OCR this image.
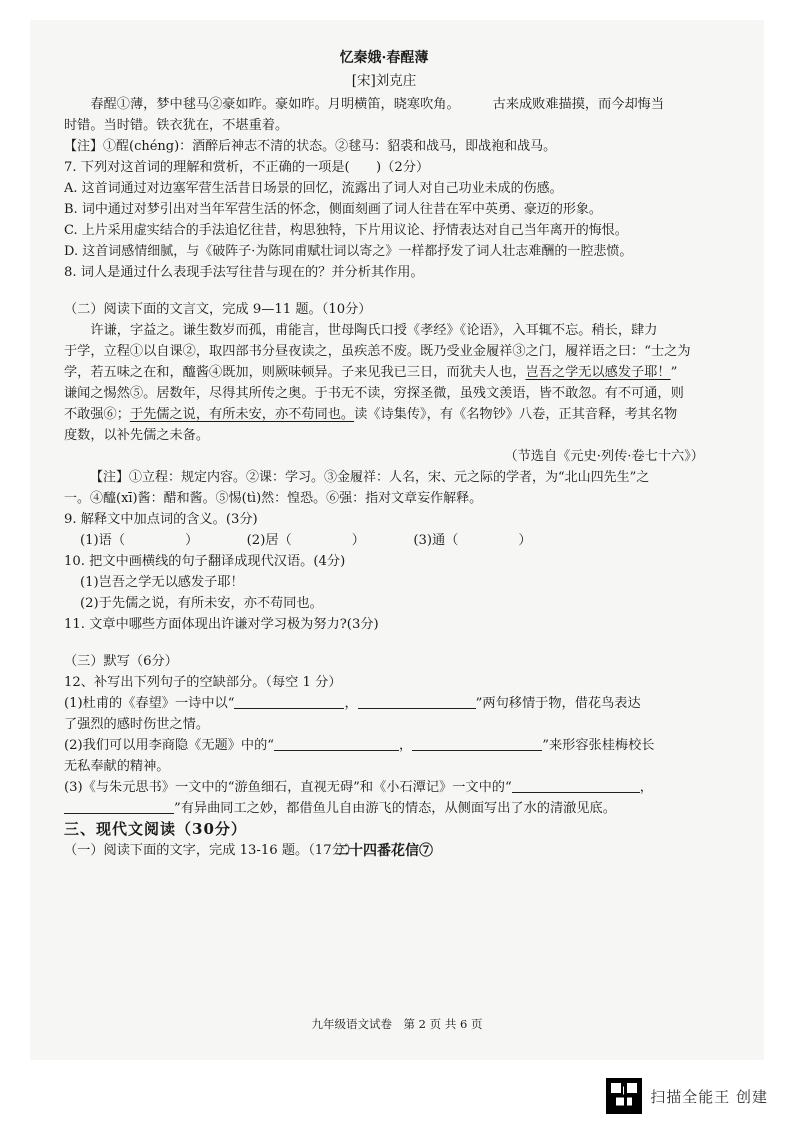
忆秦娥·春酲薄

[宋]刘克庄

春酲①薄，梦中毬马②豪如昨。豪如昨。月明横笛，晓寒吹角。　　　古来成败难描摸，而今却悔当

时错。当时错。铁衣犹在，不堪重着。

【注】①酲(chéng)：酒醉后神志不清的状态。②毬马：貂裘和战马，即战袍和战马。

7. 下列对这首词的理解和赏析，不正确的一项是(　　)（2分）

A. 这首词通过对边塞军营生活昔日场景的回忆，流露出了词人对自己功业未成的伤感。

B. 词中通过对梦引出对当年军营生活的怀念，侧面刻画了词人往昔在军中英勇、豪迈的形象。

C. 上片采用虚实结合的手法追忆往昔，构思独特，下片用议论、抒情表达对自己当年离开的悔恨。

D. 这首词感情细腻，与《破阵子·为陈同甫赋壮词以寄之》一样都抒发了词人壮志难酬的一腔悲愤。

8. 词人是通过什么表现手法写往昔与现在的？并分析其作用。

（二）阅读下面的文言文，完成 9—11 题。（10分）

许谦，字益之。谦生数岁而孤，甫能言，世母陶氏口授《孝经》《论语》，入耳辄不忘。稍长，肆力

于学，立程①以自课②，取四部书分昼夜读之，虽疾恙不废。既乃受业金履祥③之门，履祥语之曰：“士之为

学，若五味之在和，醯酱④既加，则厥味顿异。子来见我已三日，而犹夫人也，岂吾之学无以感发子耶！”

谦闻之惕然⑤。居数年，尽得其所传之奥。于书无不读，穷探圣微，虽残文羡语，皆不敢忽。有不可通，则

不敢强⑥；于先儒之说，有所未安，亦不苟同也。读《诗集传》，有《名物钞》八卷，正其音释，考其名物

度数，以补先儒之未备。

（节选自《元史·列传·卷七十六》）

【注】①立程：规定内容。②课：学习。③金履祥：人名，宋、元之际的学者，为“北山四先生”之

一。④醯(xī)酱：醋和酱。⑤惕(tì)然：惶恐。⑥强：指对文章妄作解释。

9. 解释文中加点词的含义。(3分)

(1)语（	）	(2)居（	）	(3)通（	）

10. 把文中画横线的句子翻译成现代汉语。(4分)

(1)岂吾之学无以感发子耶！

(2)于先儒之说，有所未安，亦不苟同也。

11. 文章中哪些方面体现出许谦对学习极为努力?(3分)

（三）默写（6分）

12、补写出下列句子的空缺部分。（每空 1 分）

(1)杜甫的《春望》一诗中以“	，	”两句移情于物，借花鸟表达

了强烈的感时伤世之情。

(2)我们可以用李商隐《无题》中的“	，	”来形容张桂梅校长

无私奉献的精神。

(3)《与朱元思书》一文中的“游鱼细石，直视无碍”和《小石潭记》一文中的“	，

”有异曲同工之妙，都借鱼儿自由游飞的情态，从侧面写出了水的清澈见底。

三、现代文阅读（30分）

（一）阅读下面的文字，完成 13-16 题。（17分）

二十四番花信⑦

九年级语文试卷　第 2 页 共 6 页
扫描全能王 创建
